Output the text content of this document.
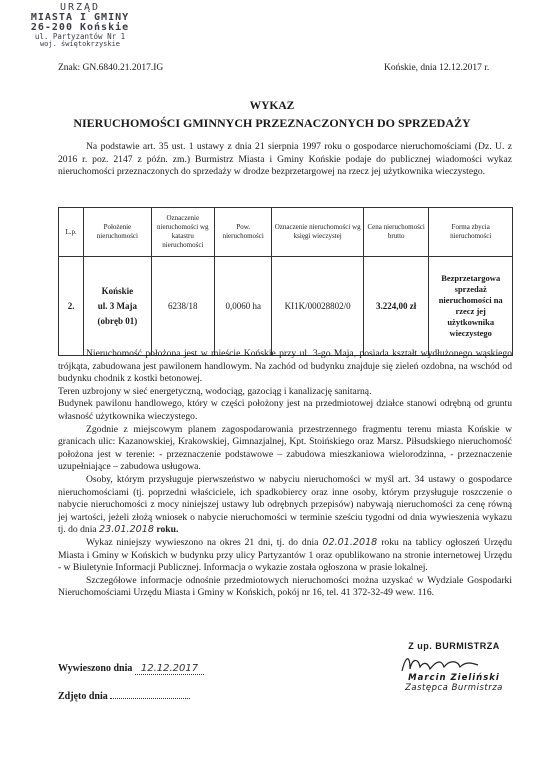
URZĄD
MIASTA I GMINY
26-200 Końskie
ul. Partyzantów Nr 1
woj. świętokrzyskie
Znak: GN.6840.21.2017.IG	Końskie, dnia 12.12.2017 r.
WYKAZ
NIERUCHOMOŚCI GMINNYCH PRZEZNACZONYCH DO SPRZEDAŻY

Na podstawie art. 35 ust. 1 ustawy z dnia 21 sierpnia 1997 roku o gospodarce nieruchomościami (Dz. U. z 2016 r. poz. 2147 z późn. zm.) Burmistrz Miasta i Gminy Końskie podaje do publicznej wiadomości wykaz nieruchomości przeznaczonych do sprzedaży w drodze bezprzetargowej na rzecz jej użytkownika wieczystego.

L.p.	Położenie nieruchomości	Oznaczenie nieruchomości wg katastru nieruchomości	Pow. nieruchomości	Oznaczenie nieruchomości wg księgi wieczystej	Cena nieruchomości brutto	Forma zbycia nieruchomości
2.	Końskie
ul. 3 Maja
(obręb 01)	6238/18	0,0060 ha	KI1K/00028802/0	3.224,00 zł	Bezprzetargowa sprzedaż nieruchomości na rzecz jej użytkownika wieczystego

Nieruchomość położona jest w mieście Końskie przy ul. 3-go Maja, posiada kształt wydłużonego wąskiego trójkąta, zabudowana jest pawilonem handlowym. Na zachód od budynku znajduje się zieleń ozdobna, na wschód od budynku chodnik z kostki betonowej.

Teren uzbrojony w sieć energetyczną, wodociąg, gazociąg i kanalizację sanitarną.

Budynek pawilonu handlowego, który w części położony jest na przedmiotowej działce stanowi odrębną od gruntu własność użytkownika wieczystego.

Zgodnie z miejscowym planem zagospodarowania przestrzennego fragmentu terenu miasta Końskie w granicach ulic: Kazanowskiej, Krakowskiej, Gimnazjalnej, Kpt. Stoińskiego oraz Marsz. Piłsudskiego nieruchomość położona jest w terenie: - przeznaczenie podstawowe – zabudowa mieszkaniowa wielorodzinna, - przeznaczenie uzupełniające – zabudowa usługowa.

Osoby, którym przysługuje pierwszeństwo w nabyciu nieruchomości w myśl art. 34 ustawy o gospodarce nieruchomościami (tj. poprzedni właściciele, ich spadkobiercy oraz inne osoby, którym przysługuje roszczenie o nabycie nieruchomości z mocy niniejszej ustawy lub odrębnych przepisów) nabywają nieruchomości za cenę równą jej wartości, jeżeli złożą wniosek o nabycie nieruchomości w terminie sześciu tygodni od dnia wywieszenia wykazu tj. do dnia 23.01.2018 roku.

Wykaz niniejszy wywieszono na okres 21 dni, tj. do dnia 02.01.2018 roku na tablicy ogłoszeń Urzędu Miasta i Gminy w Końskich w budynku przy ulicy Partyzantów 1 oraz opublikowano na stronie internetowej Urzędu - w Biuletynie Informacji Publicznej. Informacja o wykazie została ogłoszona w prasie lokalnej.

Szczegółowe informacje odnośnie przedmiotowych nieruchomości można uzyskać w Wydziale Gospodarki Nieruchomościami Urzędu Miasta i Gminy w Końskich, pokój nr 16, tel. 41 372-32-49 wew. 116.

Z up. BURMISTRZA
Marcin Zieliński
Zastępca Burmistrza
Wywieszono dnia 12.12.2017
Zdjęto dnia
